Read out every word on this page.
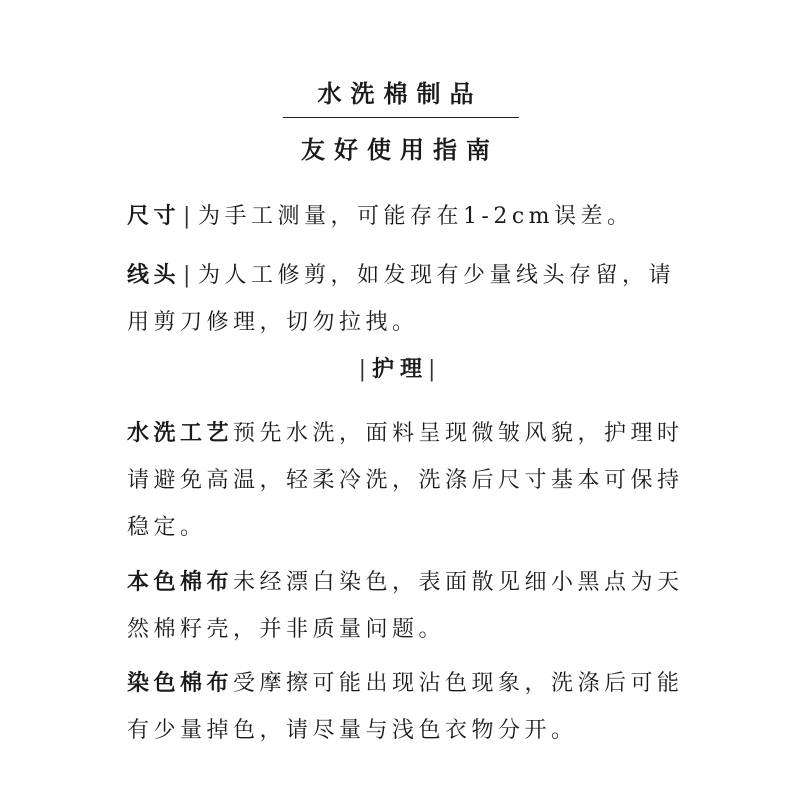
水洗棉制品
友好使用指南

尺寸 | 为手工测量，可能存在1-2cm误差。

线头 | 为人工修剪，如发现有少量线头存留，请用剪刀修理，切勿拉拽。

|护理|

水洗工艺预先水洗，面料呈现微皱风貌，护理时请避免高温，轻柔冷洗，洗涤后尺寸基本可保持稳定。

本色棉布未经漂白染色，表面散见细小黑点为天然棉籽壳，并非质量问题。

染色棉布受摩擦可能出现沾色现象，洗涤后可能有少量掉色，请尽量与浅色衣物分开。
